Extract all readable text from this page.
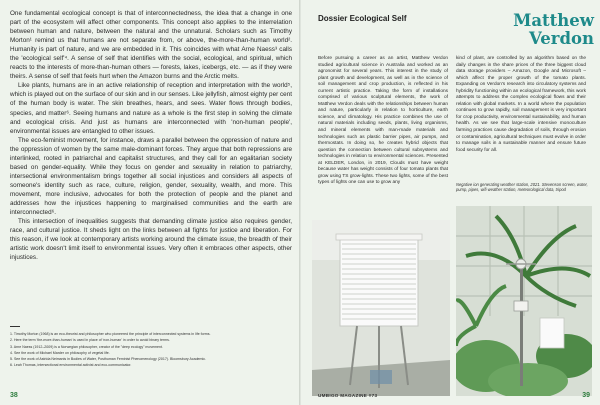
One fundamental ecological concept is that of interconnectedness, the idea that a change in one part of the ecosystem will affect other components. This concept also applies to the interrelation between human and nature, between the natural and the unnatural. Scholars such as Timothy Morton¹ remind us that humans are not separate from, or above, the-more-than-human world². Humanity is part of nature, and we are embedded in it. This coincides with what Arne Naess³ calls the 'ecological self'⁴. A sense of self that identifies with the social, ecological, and spiritual, which reacts to the interests of more-than-human others — forests, lakes, icebergs, etc. — as if they were theirs. A sense of self that feels hurt when the Amazon burns and the Arctic melts.

Like plants, humans are in an active relationship of reception and interpretation with the world⁵, which is played out on the surface of our skin and in our senses. Like jellyfish, almost eighty per cent of the human body is water. The skin breathes, hears, and sees. Water flows through bodies, species, and matter⁶. Seeing humans and nature as a whole is the first step in solving the climate and ecological crisis. And just as humans are interconnected with 'non-human people', environmental issues are entangled to other issues.

The eco-feminist movement, for instance, draws a parallel between the oppression of nature and the oppression of women by the same male-dominant forces. They argue that both repressions are interlinked, rooted in patriarchal and capitalist structures, and they call for an egalitarian society based on gender-equality. While they focus on gender and sexuality in relation to patriarchy, intersectional environmentalism brings together all social injustices and considers all aspects of someone's identity such as race, culture, religion, gender, sexuality, wealth, and more. This movement, more inclusive, advocates for both the protection of people and the planet and addresses how the injustices happening to marginalised communities and the earth are interconnected⁶.

This intersection of inequalities suggests that demanding climate justice also requires gender, race, and cultural justice. It sheds light on the links between all fights for justice and liberation. For this reason, if we look at contemporary artists working around the climate issue, the breadth of their artistic work doesn't limit itself to environmental issues. Very often it embraces other aspects, other injustices.

1. Timothy Morton (1968) is an eco-theorist and philosopher who pioneered the principle of interconnected systems in life forms.
2. Here the term 'the-more-than-human' is used in place of 'non-human' in order to avoid binary terms.
3. Arne Naess (1912–2009) is a Norwegian philosopher, creator of the "deep ecology" movement.
4. See the work of Michael Marder on philosophy of vegetal life.
5. See the work of Astrida Neimanis in Bodies of Water, Posthuman Feminist Phenomenology (2017). Bloomsbury Academic.
6. Leah Thomas, intersectional environmental activist and eco-communicator.
38
Dossier Ecological Self	Matthew
Verdon

Before pursuing a career as an artist, Matthew Verdon studied agricultural science in Australia and worked as an agronomist for several years. This interest in the study of plant growth and development, as well as in the science of soil management and crop production, is reflected in his current artistic practice. Taking the form of installations comprised of various sculptural elements, the work of Matthew Verdon deals with the relationships between human and nature, particularly in relation to horticulture, earth science, and climatology. His practice combines the use of natural materials including seeds, plants, living organisms, and mineral elements with man-made materials and technologies such as plastic barrier pipes, air pumps, and thermostats. In doing so, he creates hybrid objects that question the connection between cultural subsystems and technologies in relation to environmental sciences. Presented at KELDER, London, in 2019, Clouds must have weight because water has weight consists of four tomato plants that grow using TS grow-lights. These two lights, some of the best types of lights one can use to grow any

kind of plant, are controlled by an algorithm based on the daily changes in the share prices of the three biggest cloud data storage providers – Amazon, Google and Microsoft – which affect the proper growth of the tomato plants. Expanding on Verdon's research into circulatory systems and hybridity functioning within an ecological framework, this work attempts to address the complex ecological flows and their relation with global markets. In a world where the population continues to grow rapidly, soil management is very important for crop productivity, environmental sustainability, and human health. As we see that large-scale intensive monoculture farming practices cause degradation of soils, through erosion or contamination, agricultural techniques must evolve in order to manage soils in a sustainable manner and ensure future food security for all.

Negative ion generating weather station, 2021. Stevenson screen, water, pump, pipes, wifi weather station, meteorological data, tripod
UMBIGO MAGAZINE #73	39
